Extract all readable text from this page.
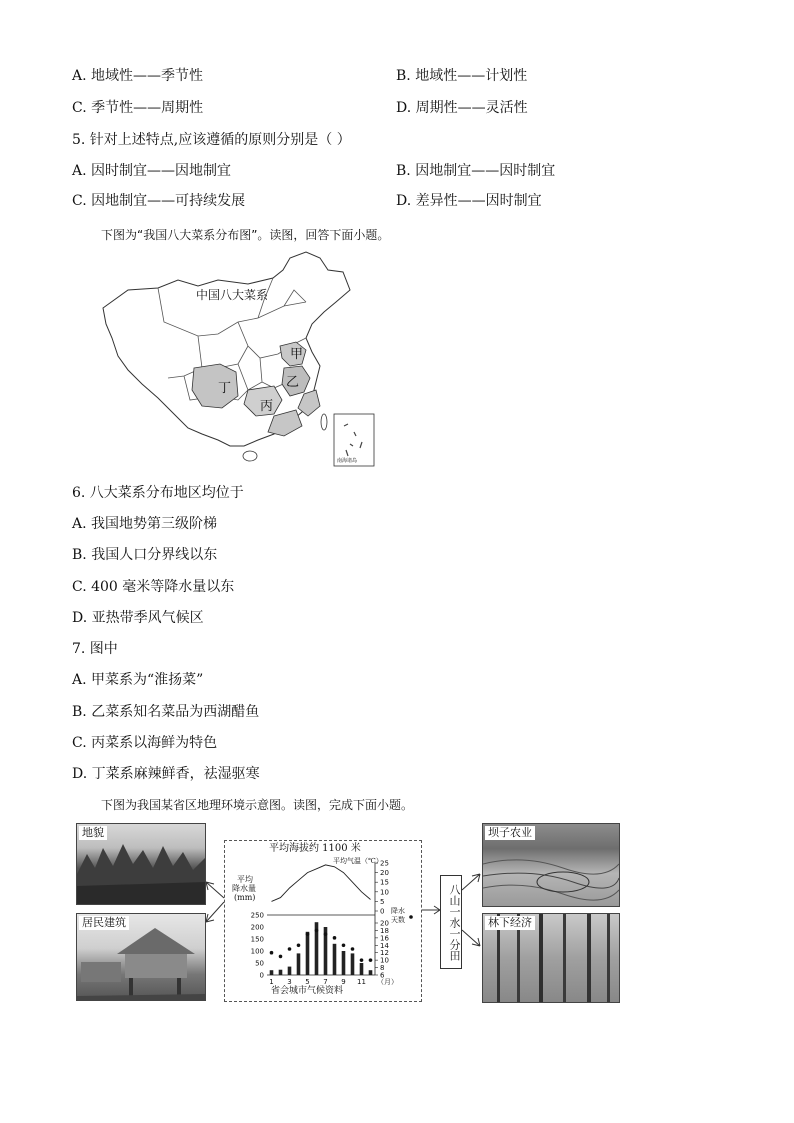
A. 地域性——季节性	B. 地域性——计划性
C. 季节性——周期性	D. 周期性——灵活性
5. 针对上述特点,应该遵循的原则分别是（ ）
A. 因时制宜——因地制宜	B. 因地制宜——因时制宜
C. 因地制宜——可持续发展	D. 差异性——因时制宜
下图为“我国八大菜系分布图”。读图，回答下面小题。
中国八大菜系
甲
乙
丙
丁
南海诸岛
6. 八大菜系分布地区均位于
A. 我国地势第三级阶梯
B. 我国人口分界线以东
C. 400 毫米等降水量以东
D. 亚热带季风气候区
7. 图中
A. 甲菜系为“淮扬菜”
B. 乙菜系知名菜品为西湖醋鱼
C. 丙菜系以海鲜为特色
D. 丁菜系麻辣鲜香，祛湿驱寒
下图为我国某省区地理环境示意图。读图，完成下面小题。
地貌
居民建筑
坝子农业
林下经济
八山一水一分田
平均海拔约 1100 米
平均气温（℃）
平均
降水量
(mm)
降水天数
250
200
150
100
50
0
25
20
15
10
5
0
20
18
16
14
12
10
8
6
1 3 5 7 9 11 （月）
省会城市气候资料
